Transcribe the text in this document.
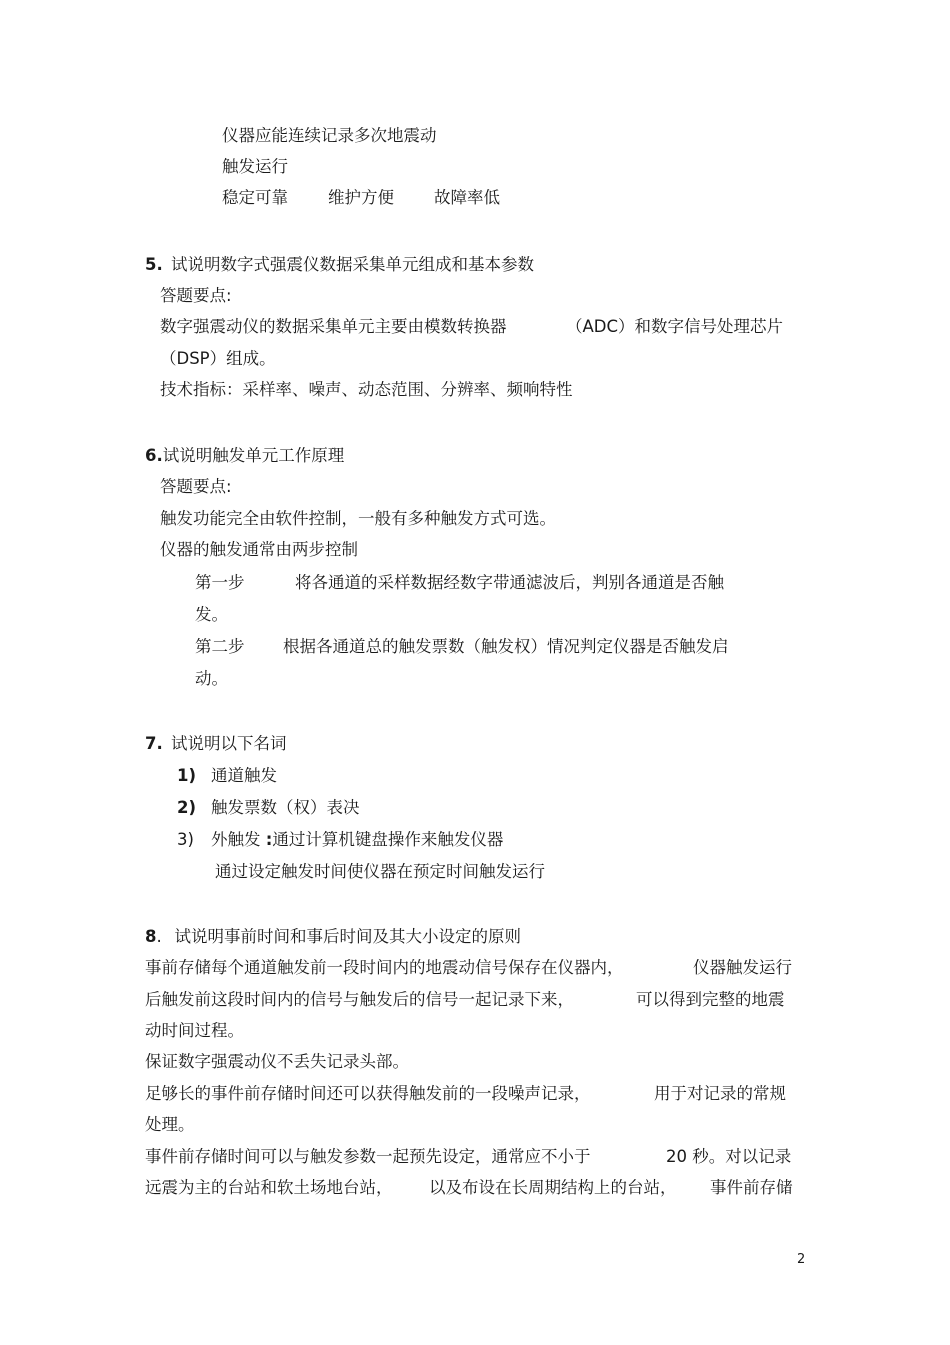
仪器应能连续记录多次地震动

触发运行

稳定可靠 维护方便 故障率低

5. 试说明数字式强震仪数据采集单元组成和基本参数

答题要点:

数字强震动仪的数据采集单元主要由模数转换器	（ADC）和数字信号处理芯片

（DSP）组成。

技术指标：采样率、噪声、动态范围、分辨率、频响特性

6.试说明触发单元工作原理

答题要点:

触发功能完全由软件控制，一般有多种触发方式可选。

仪器的触发通常由两步控制

第一步	将各通道的采样数据经数字带通滤波后，判别各通道是否触

发。

第二步 根据各通道总的触发票数（触发权）情况判定仪器是否触发启

动。

7. 试说明以下名词

1) 通道触发

2) 触发票数（权）表决

3) 外触发 :通过计算机键盘操作来触发仪器

通过设定触发时间使仪器在预定时间触发运行

8. 试说明事前时间和事后时间及其大小设定的原则

事前存储每个通道触发前一段时间内的地震动信号保存在仪器内，	仪器触发运行

后触发前这段时间内的信号与触发后的信号一起记录下来，	可以得到完整的地震

动时间过程。

保证数字强震动仪不丢失记录头部。

足够长的事件前存储时间还可以获得触发前的一段噪声记录，	用于对记录的常规

处理。

事件前存储时间可以与触发参数一起预先设定，通常应不小于	20 秒。对以记录

远震为主的台站和软土场地台站， 以及布设在长周期结构上的台站， 事件前存储

2
